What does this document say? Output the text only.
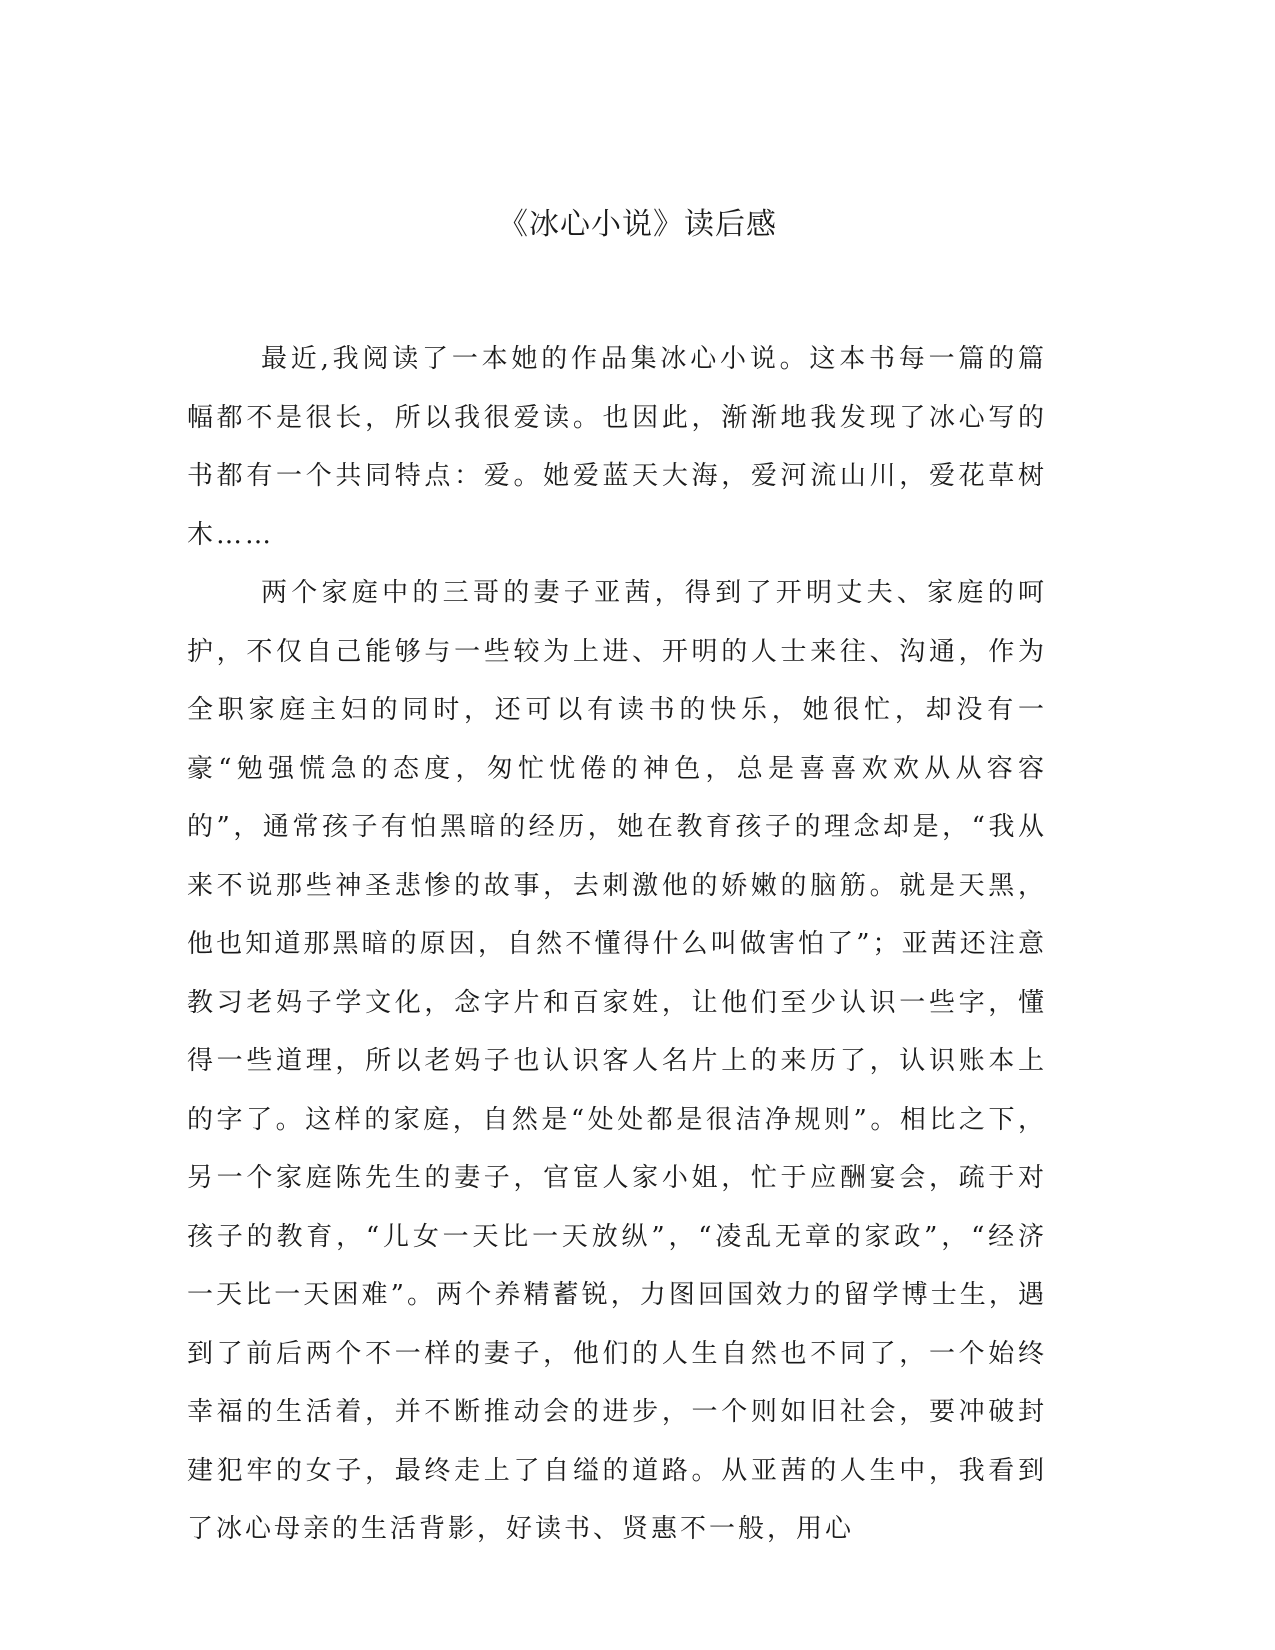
《冰心小说》读后感

最近,我阅读了一本她的作品集冰心小说。这本书每一篇的篇幅都不是很长，所以我很爱读。也因此，渐渐地我发现了冰心写的书都有一个共同特点：爱。她爱蓝天大海，爱河流山川，爱花草树木……

两个家庭中的三哥的妻子亚茜，得到了开明丈夫、家庭的呵护，不仅自己能够与一些较为上进、开明的人士来往、沟通，作为全职家庭主妇的同时，还可以有读书的快乐，她很忙，却没有一豪“勉强慌急的态度，匆忙忧倦的神色，总是喜喜欢欢从从容容的”，通常孩子有怕黑暗的经历，她在教育孩子的理念却是，“我从来不说那些神圣悲惨的故事，去刺激他的娇嫩的脑筋。就是天黑，他也知道那黑暗的原因，自然不懂得什么叫做害怕了”；亚茜还注意教习老妈子学文化，念字片和百家姓，让他们至少认识一些字，懂得一些道理，所以老妈子也认识客人名片上的来历了，认识账本上的字了。这样的家庭，自然是“处处都是很洁净规则”。相比之下，另一个家庭陈先生的妻子，官宦人家小姐，忙于应酬宴会，疏于对孩子的教育，“儿女一天比一天放纵”，“凌乱无章的家政”，“经济一天比一天困难”。两个养精蓄锐，力图回国效力的留学博士生，遇到了前后两个不一样的妻子，他们的人生自然也不同了，一个始终幸福的生活着，并不断推动会的进步，一个则如旧社会，要冲破封建犯牢的女子，最终走上了自缢的道路。从亚茜的人生中，我看到了冰心母亲的生活背影，好读书、贤惠不一般，用心
